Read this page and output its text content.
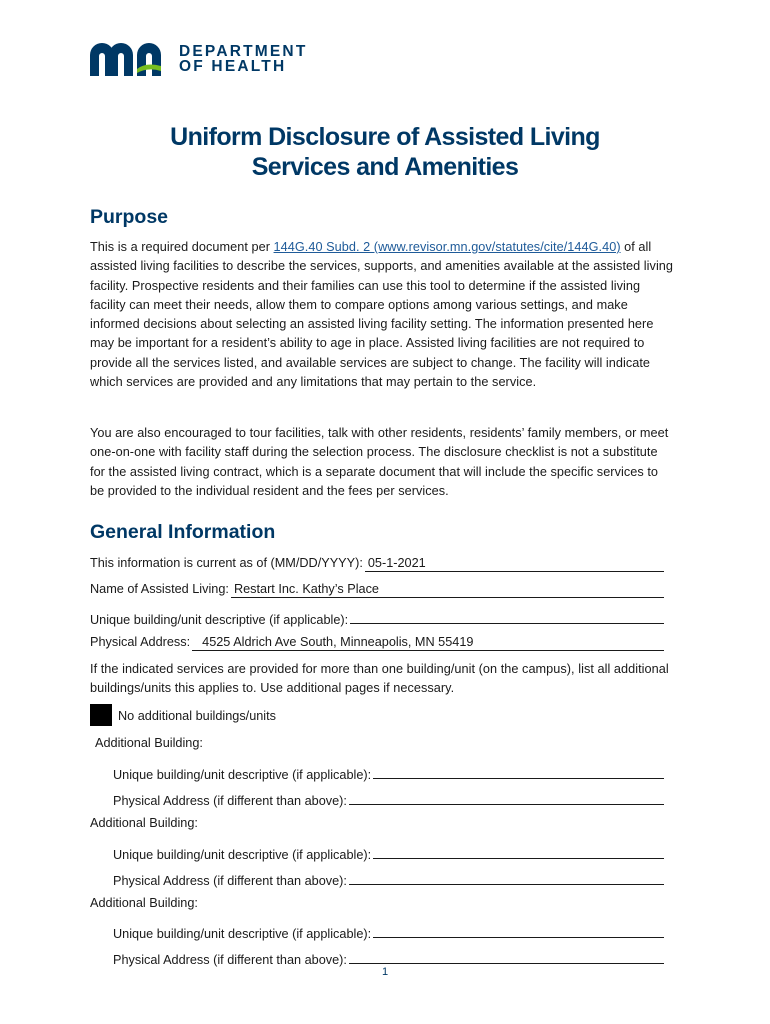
DEPARTMENT
OF HEALTH
Uniform Disclosure of Assisted Living
Services and Amenities
Purpose

This is a required document per 144G.40 Subd. 2 (www.revisor.mn.gov/statutes/cite/144G.40) of all assisted living facilities to describe the services, supports, and amenities available at the assisted living facility. Prospective residents and their families can use this tool to determine if the assisted living facility can meet their needs, allow them to compare options among various settings, and make informed decisions about selecting an assisted living facility setting. The information presented here may be important for a resident’s ability to age in place. Assisted living facilities are not required to provide all the services listed, and available services are subject to change. The facility will indicate which services are provided and any limitations that may pertain to the service.

You are also encouraged to tour facilities, talk with other residents, residents’ family members, or meet one-on-one with facility staff during the selection process. The disclosure checklist is not a substitute for the assisted living contract, which is a separate document that will include the specific services to be provided to the individual resident and the fees per services.

General Information
This information is current as of (MM/DD/YYYY): 05-1-2021
Name of Assisted Living: Restart Inc. Kathy’s Place
Unique building/unit descriptive (if applicable):
Physical Address: 4525 Aldrich Ave South, Minneapolis, MN 55419

If the indicated services are provided for more than one building/unit (on the campus), list all additional buildings/units this applies to. Use additional pages if necessary.

No additional buildings/units
Additional Building:
Unique building/unit descriptive (if applicable):
Physical Address (if different than above):
Additional Building:
Unique building/unit descriptive (if applicable):
Physical Address (if different than above):
Additional Building:
Unique building/unit descriptive (if applicable):
Physical Address (if different than above):
1
